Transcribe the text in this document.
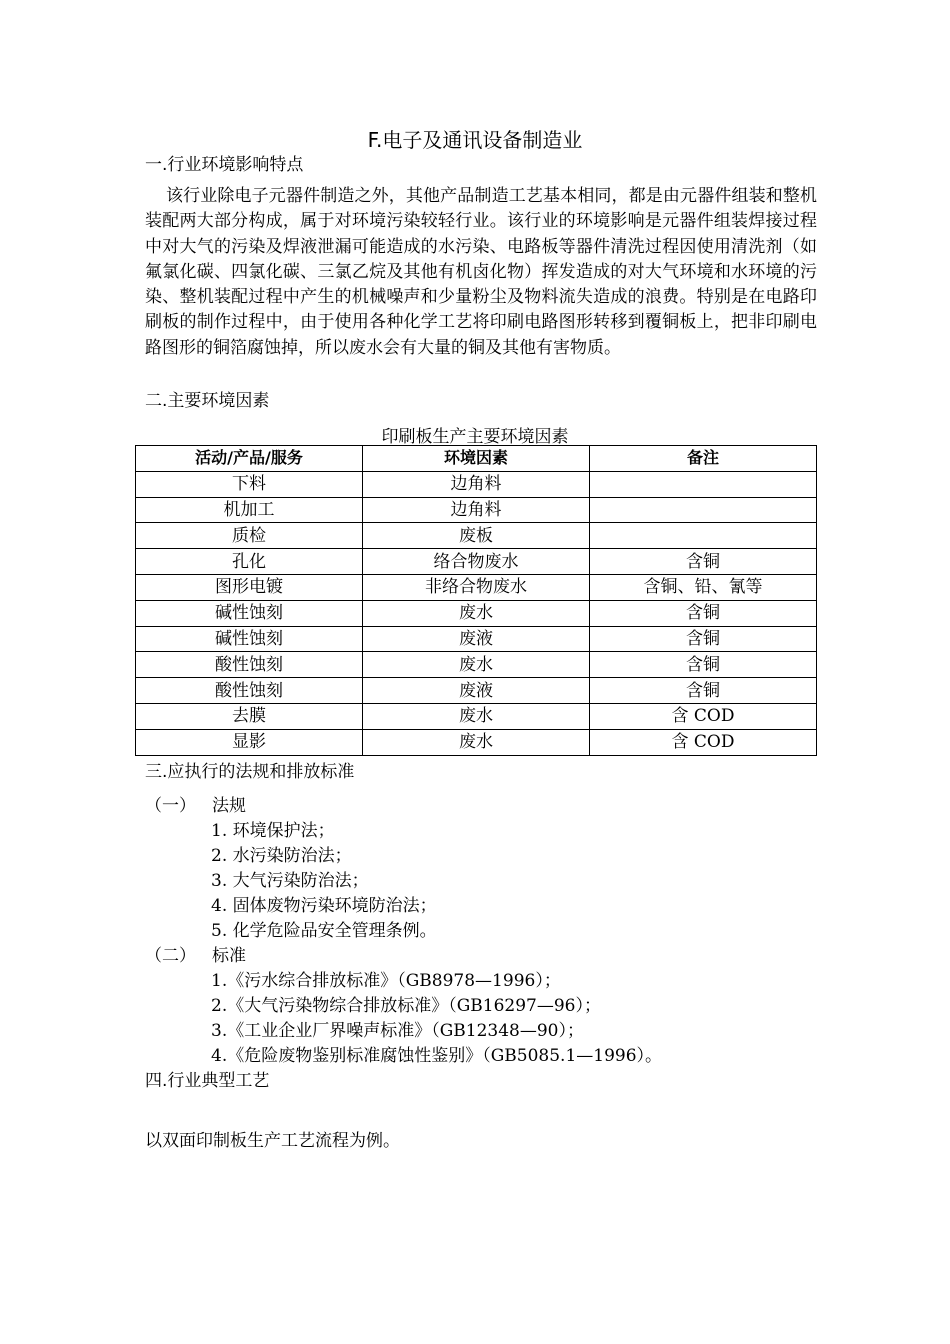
F.电子及通讯设备制造业
一.行业环境影响特点
该行业除电子元器件制造之外，其他产品制造工艺基本相同，都是由元器件组装和整机装配两大部分构成，属于对环境污染较轻行业。该行业的环境影响是元器件组装焊接过程中对大气的污染及焊液泄漏可能造成的水污染、电路板等器件清洗过程因使用清洗剂（如氟氯化碳、四氯化碳、三氯乙烷及其他有机卤化物）挥发造成的对大气环境和水环境的污染、整机装配过程中产生的机械噪声和少量粉尘及物料流失造成的浪费。特别是在电路印刷板的制作过程中，由于使用各种化学工艺将印刷电路图形转移到覆铜板上，把非印刷电路图形的铜箔腐蚀掉，所以废水会有大量的铜及其他有害物质。
二.主要环境因素
印刷板生产主要环境因素
活动/产品/服务	环境因素	备注
下料	边角料	
机加工	边角料	
质检	废板	
孔化	络合物废水	含铜
图形电镀	非络合物废水	含铜、铅、氰等
碱性蚀刻	废水	含铜
碱性蚀刻	废液	含铜
酸性蚀刻	废水	含铜
酸性蚀刻	废液	含铜
去膜	废水	含 COD
显影	废水	含 COD
三.应执行的法规和排放标准
（一） 法规
1. 环境保护法；
2. 水污染防治法；
3. 大气污染防治法；
4. 固体废物污染环境防治法；
5. 化学危险品安全管理条例。
（二） 标准
1.《污水综合排放标准》（GB8978—1996）；
2.《大气污染物综合排放标准》（GB16297—96）；
3.《工业企业厂界噪声标准》（GB12348—90）；
4.《危险废物鉴别标准腐蚀性鉴别》（GB5085.1—1996）。
四.行业典型工艺
以双面印制板生产工艺流程为例。
